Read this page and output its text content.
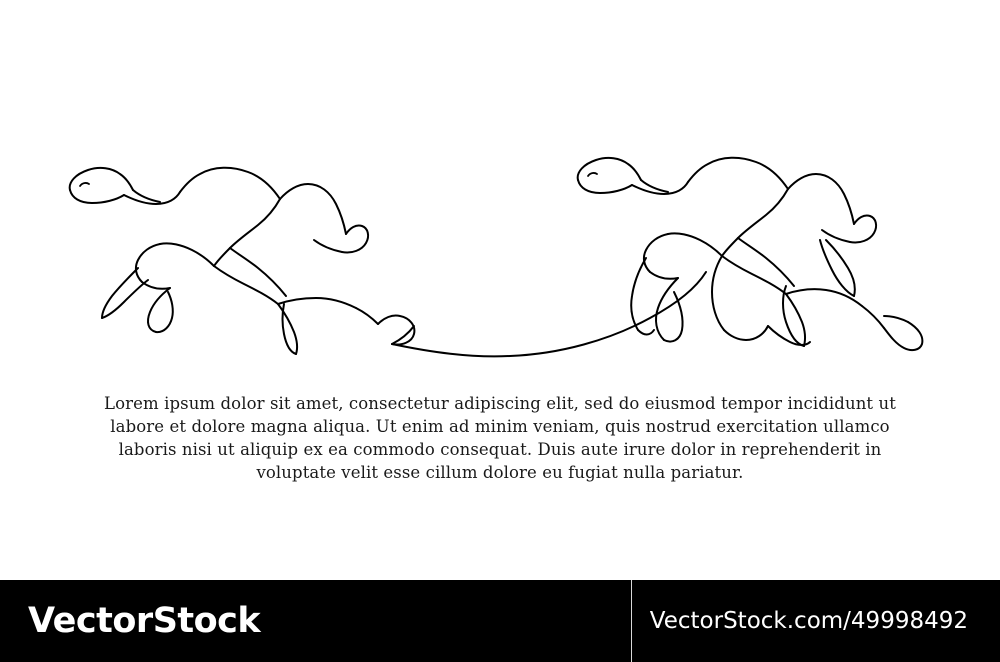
Lorem ipsum dolor sit amet, consectetur adipiscing elit, sed do eiusmod tempor incididunt ut labore et dolore magna aliqua. Ut enim ad minim veniam, quis nostrud exercitation ullamco laboris nisi ut aliquip ex ea commodo consequat. Duis aute irure dolor in reprehenderit in voluptate velit esse cillum dolore eu fugiat nulla pariatur.
VectorStock	VectorStock.com/49998492
